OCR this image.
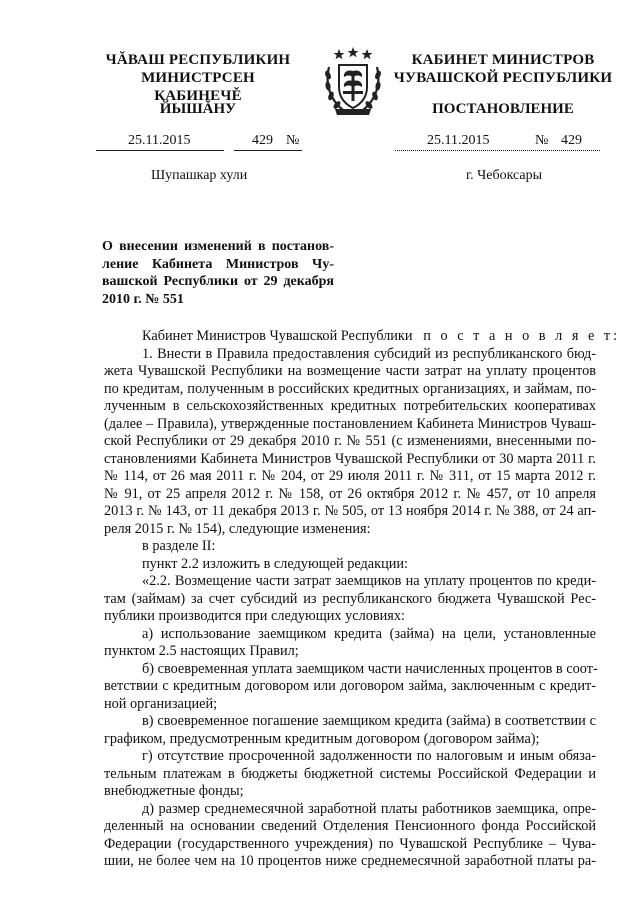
ЧĂВАШ РЕСПУБЛИКИН
МИНИСТРСЕН КАБИНЕЧĚ
ЙЫШĂНУ
КАБИНЕТ МИНИСТРОВ
ЧУВАШСКОЙ РЕСПУБЛИКИ
ПОСТАНОВЛЕНИЕ
25.11.2015	429 №	25.11.2015	№ 429
Шупашкар хули	г. Чебоксары
О внесении изменений в постанов-
ление Кабинета Министров Чу-
вашской Республики от 29 декабря
2010 г. № 551
Кабинет Министров Чувашской Республики п о с т а н о в л я е т:
1. Внести в Правила предоставления субсидий из республиканского бюд-
жета Чувашской Республики на возмещение части затрат на уплату процентов
по кредитам, полученным в российских кредитных организациях, и займам, по-
лученным в сельскохозяйственных кредитных потребительских кооперативах
(далее – Правила), утвержденные постановлением Кабинета Министров Чуваш-
ской Республики от 29 декабря 2010 г. № 551 (с изменениями, внесенными по-
становлениями Кабинета Министров Чувашской Республики от 30 марта 2011 г.
№ 114, от 26 мая 2011 г. № 204, от 29 июля 2011 г. № 311, от 15 марта 2012 г.
№ 91, от 25 апреля 2012 г. № 158, от 26 октября 2012 г. № 457, от 10 апреля
2013 г. № 143, от 11 декабря 2013 г. № 505, от 13 ноября 2014 г. № 388, от 24 ап-
реля 2015 г. № 154), следующие изменения:
в разделе II:
пункт 2.2 изложить в следующей редакции:
«2.2. Возмещение части затрат заемщиков на уплату процентов по креди-
там (займам) за счет субсидий из республиканского бюджета Чувашской Рес-
публики производится при следующих условиях:
а) использование заемщиком кредита (займа) на цели, установленные
пунктом 2.5 настоящих Правил;
б) своевременная уплата заемщиком части начисленных процентов в соот-
ветствии с кредитным договором или договором займа, заключенным с кредит-
ной организацией;
в) своевременное погашение заемщиком кредита (займа) в соответствии с
графиком, предусмотренным кредитным договором (договором займа);
г) отсутствие просроченной задолженности по налоговым и иным обяза-
тельным платежам в бюджеты бюджетной системы Российской Федерации и
внебюджетные фонды;
д) размер среднемесячной заработной платы работников заемщика, опре-
деленный на основании сведений Отделения Пенсионного фонда Российской
Федерации (государственного учреждения) по Чувашской Республике – Чува-
шии, не более чем на 10 процентов ниже среднемесячной заработной платы ра-
